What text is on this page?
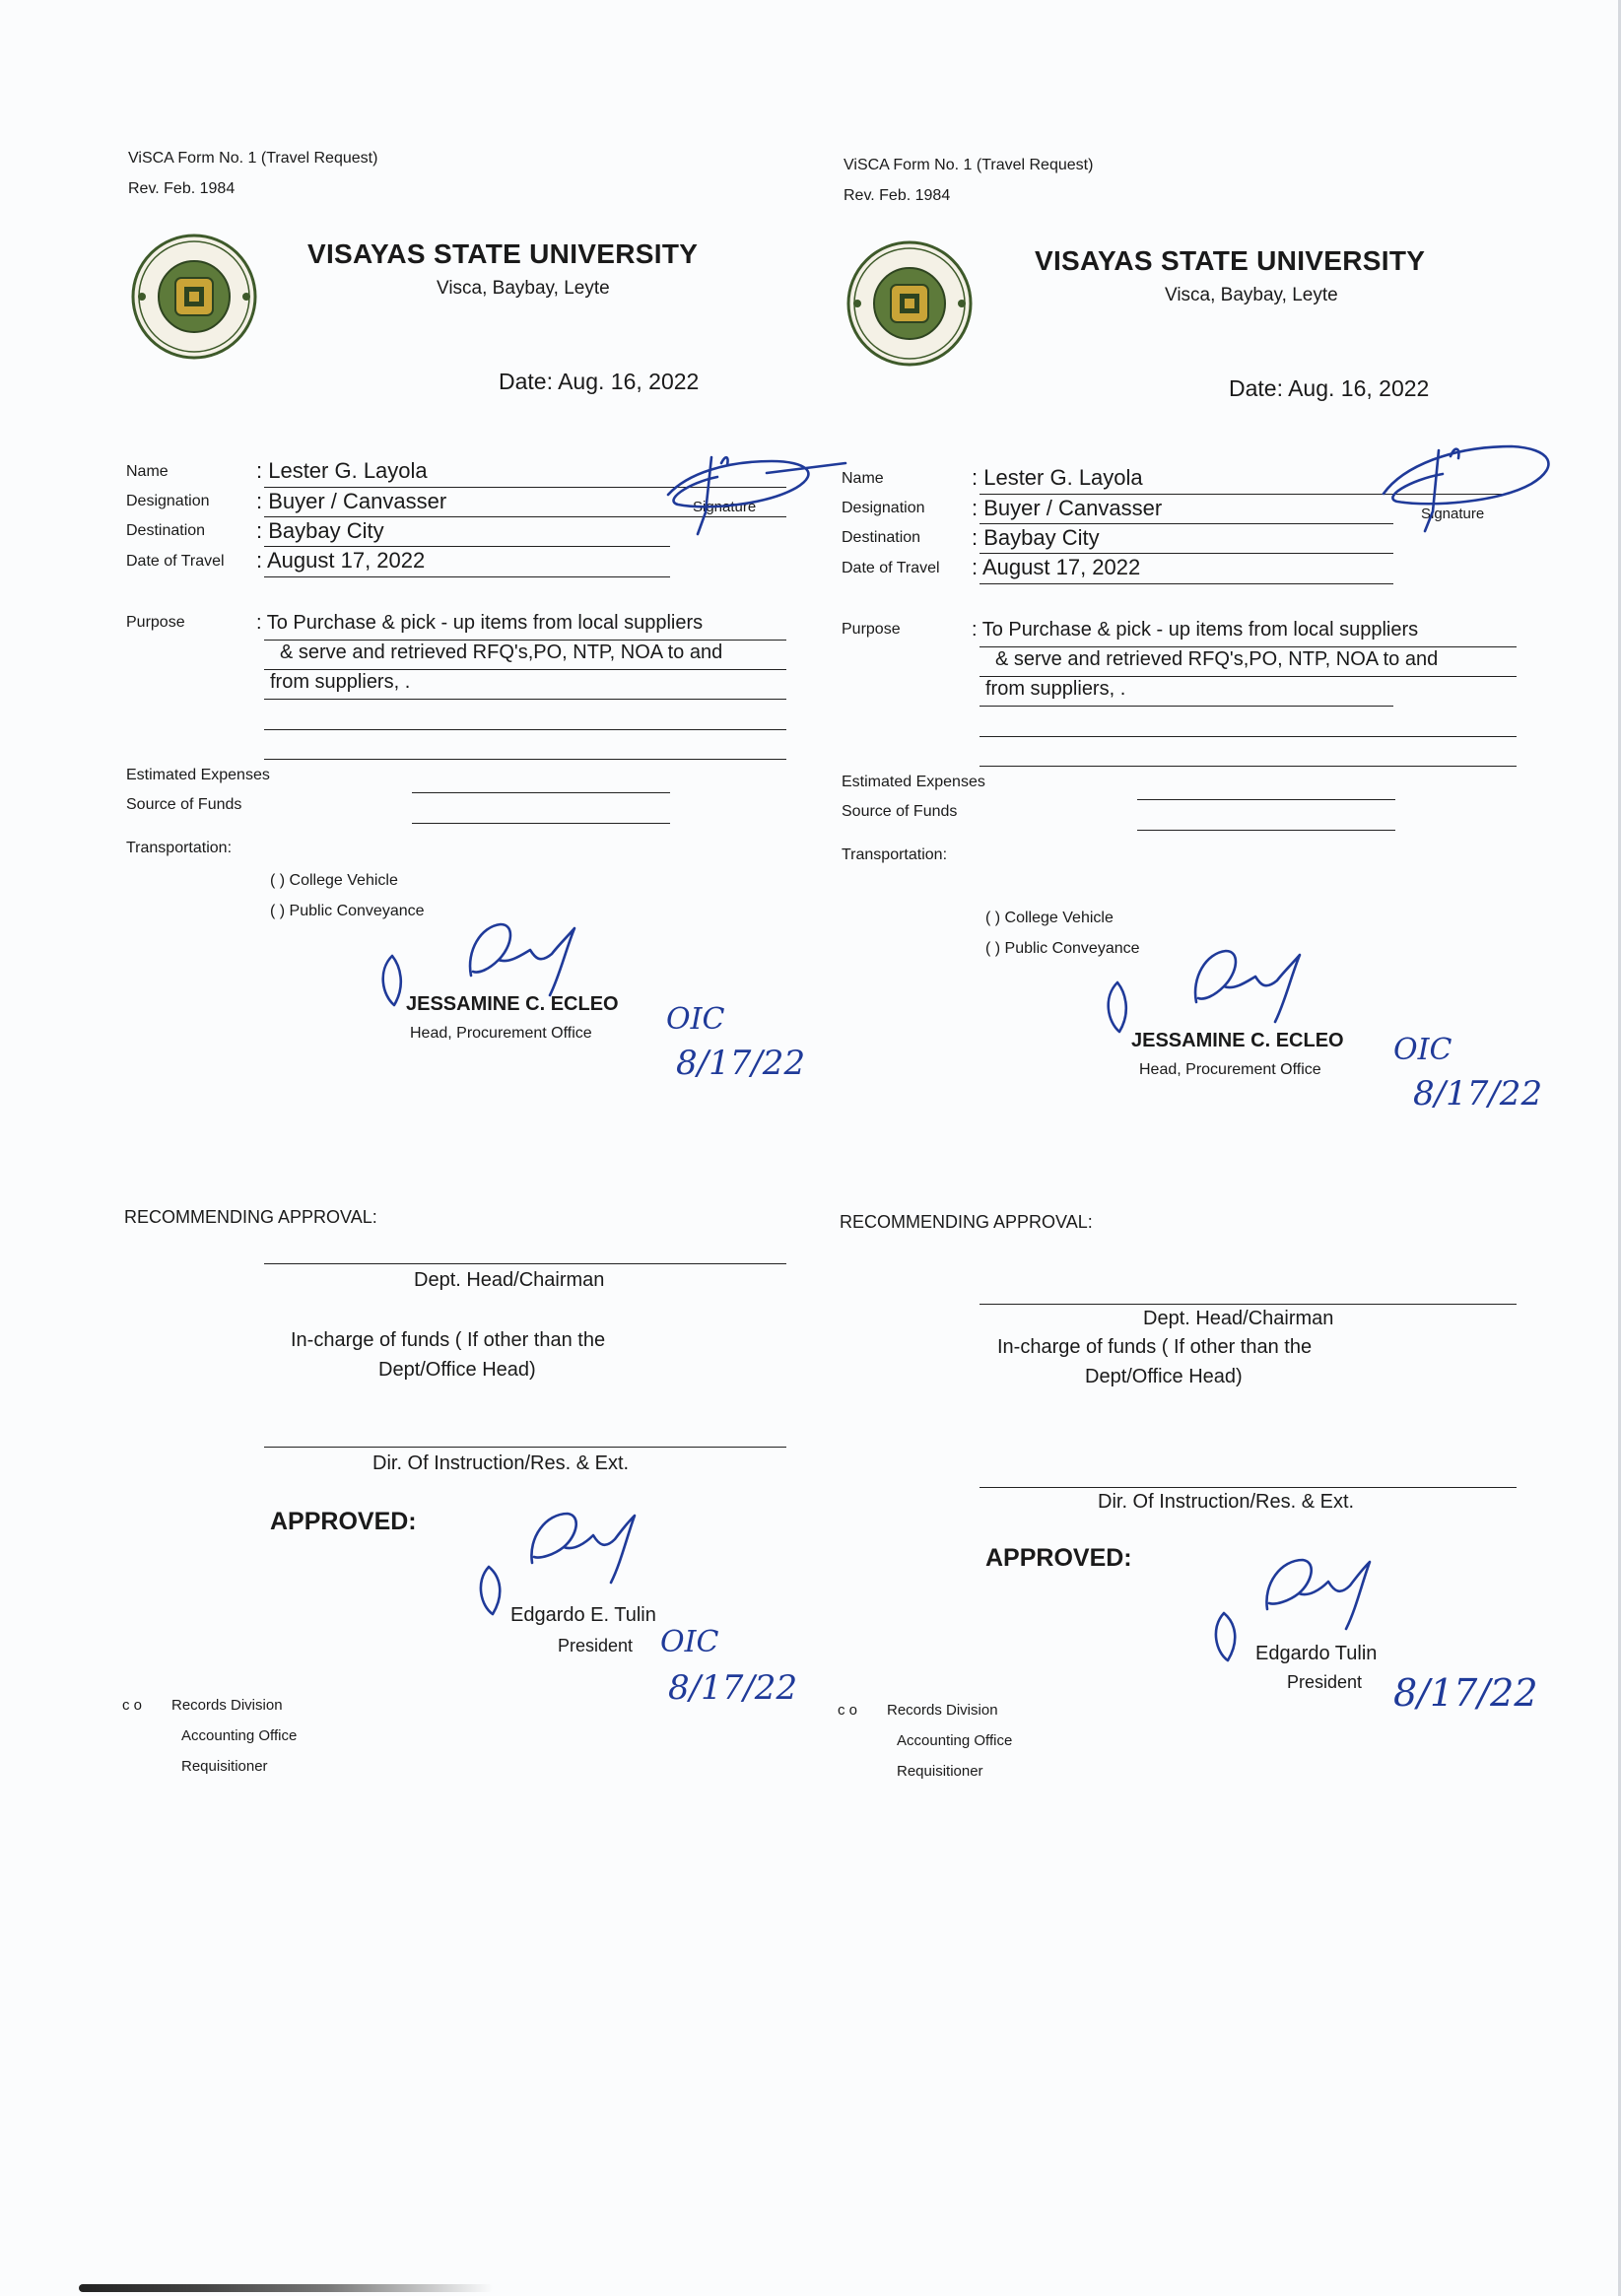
ViSCA Form No. 1 (Travel Request)
Rev. Feb. 1984
VISAYAS STATE UNIVERSITY
Visca, Baybay, Leyte
Date: Aug. 16, 2022
Name	: Lester G. Layola
Designation : Buyer / Canvasser	Signature
Destination : Baybay City
Date of Travel : August 17, 2022
Purpose	: To Purchase & pick - up items from local suppliers
& serve and retrieved RFQ's,PO, NTP, NOA to and
from suppliers, .
Estimated Expenses
Source of Funds
Transportation:
( ) College Vehicle
( ) Public Conveyance
JESSAMINE C. ECLEO
Head, Procurement Office	OIC
8/17/22
RECOMMENDING APPROVAL:
Dept. Head/Chairman
In-charge of funds ( If other than the
Dept/Office Head)
Dir. Of Instruction/Res. & Ext.
APPROVED:
Edgardo E. Tulin
President OIC
8/17/22
c o Records Division
Accounting Office
Requisitioner
ViSCA Form No. 1 (Travel Request)
Rev. Feb. 1984
VISAYAS STATE UNIVERSITY
Visca, Baybay, Leyte
Date: Aug. 16, 2022
Name	: Lester G. Layola
Designation : Buyer / Canvasser	Signature
Destination : Baybay City
Date of Travel : August 17, 2022
Purpose	: To Purchase & pick - up items from local suppliers
& serve and retrieved RFQ's,PO, NTP, NOA to and
from suppliers, .
Estimated Expenses
Source of Funds
Transportation:
( ) College Vehicle
( ) Public Conveyance
JESSAMINE C. ECLEO
Head, Procurement Office
OIC
8/17/22
RECOMMENDING APPROVAL:
Dept. Head/Chairman
In-charge of funds ( If other than the
Dept/Office Head)
Dir. Of Instruction/Res. & Ext.
APPROVED:
Edgardo Tulin
President 8/17/22
c o Records Division
Accounting Office
Requisitioner
